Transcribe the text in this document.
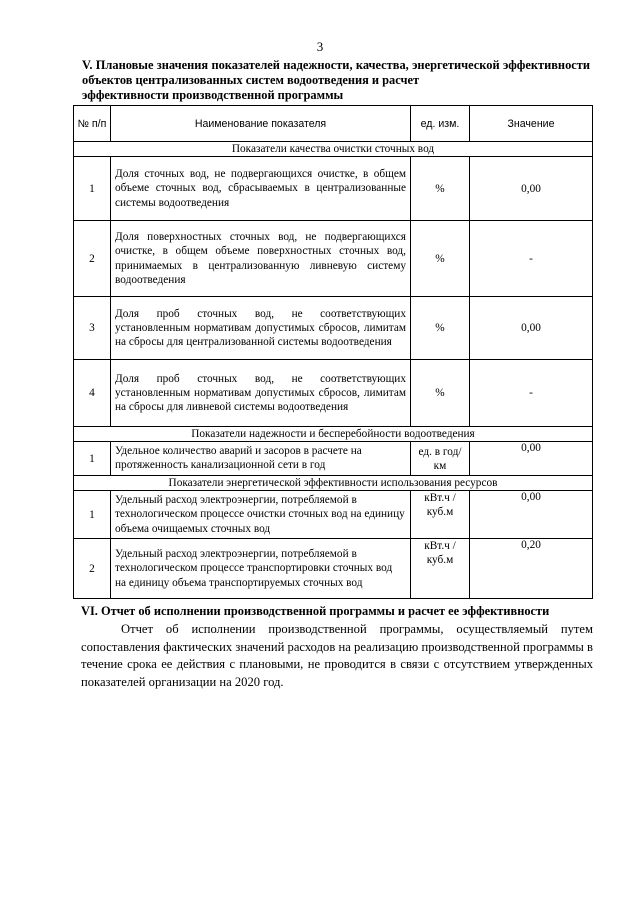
3
V. Плановые значения показателей надежности, качества, энергетической эффективности объектов централизованных систем водоотведения и расчет
эффективности производственной программы
№ п/п	Наименование показателя	ед. изм.	Значение
Показатели качества очистки сточных вод			
1	Доля сточных вод, не подвергающихся очистке, в общем объеме сточных вод, сбрасываемых в централизованные системы водоотведения	%	0,00
2	Доля поверхностных сточных вод, не подвергающихся очистке, в общем объеме поверхностных сточных вод, принимаемых в централизованную ливневую систему водоотведения	%	-
3	Доля проб сточных вод, не соответствующих установленным нормативам допустимых сбросов, лимитам на сбросы для централизованной системы водоотведения	%	0,00
4	Доля проб сточных вод, не соответствующих установленным нормативам допустимых сбросов, лимитам на сбросы для ливневой системы водоотведения	%	-
Показатели надежности и бесперебойности водоотведения			
1	Удельное количество аварий и засоров в расчете на протяженность канализационной сети в год	ед. в год/ км	0,00
Показатели энергетической эффективности использования ресурсов			
1	Удельный расход электроэнергии, потребляемой в технологическом процессе очистки сточных вод на единицу объема очищаемых сточных вод	кВт.ч / куб.м	0,00
2	Удельный расход электроэнергии, потребляемой в технологическом процессе транспортировки сточных вод на единицу объема транспортируемых сточных вод	кВт.ч / куб.м	0,20
VI. Отчет об исполнении производственной программы и расчет ее эффективности
Отчет об исполнении производственной программы, осуществляемый путем сопоставления фактических значений расходов на реализацию производственной программы в течение срока ее действия с плановыми, не проводится в связи с отсутствием утвержденных показателей организации на 2020 год.
